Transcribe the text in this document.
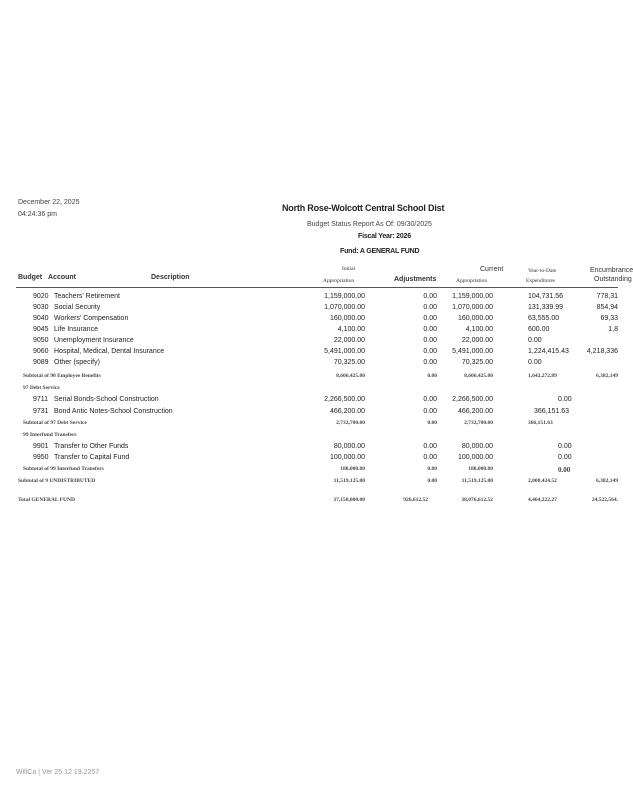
December 22, 2025
04:24:36 pm
North Rose-Wolcott Central School Dist
Budget Status Report As Of: 09/30/2025
Fiscal Year: 2026
Fund: A GENERAL FUND
Budget Account	Description
Initial
Appropriation	Adjustments
Current
Appropriation
Year-to-Date
Expenditures
Encumbrance
Outstanding
9020 Teachers' Retirement	1,159,000.00	0.00 1,159,000.00	104,731.56	778,31
9030 Social Security	1,070,000.00	0.00 1,070,000.00	131,339.99	854,94
9040 Workers' Compensation	160,000.00	0.00	160,000.00	63,555.00	69,33
9045 Life Insurance	4,100.00	0.00	4,100.00	600.00	1,8
9050 Unemployment Insurance	22,000.00	0.00	22,000.00	0.00
9060 Hospital, Medical, Dental Insurance	5,491,000.00	0.00 5,491,000.00	1,224,415.43	4,218,336
9089 Other (specify)	70,325.00	0.00	70,325.00	0.00
Subtotal of 90 Employee Benefits	8,606,425.00	0.00	8,606,425.00	1,642,272.89	6,382,149
97 Debt Service
9711 Serial Bonds-School Construction	2,266,500.00	0.00 2,266,500.00	0.00
9731 Bond Antic Notes-School Construction	466,200.00	0.00	466,200.00	366,151.63
Subtotal of 97 Debt Service	2,732,700.00	0.00	2,732,700.00	366,151.63
99 Interfund Transfers
9901 Transfer to Other Funds	80,000.00	0.00	80,000.00	0.00
9950 Transfer to Capital Fund	100,000.00	0.00	100,000.00	0.00
Subtotal of 99 Interfund Transfers	180,000.00	0.00	180,000.00	0.00
Subtotal of 9 UNDISTRIBUTED	11,519,125.00	0.00	11,519,125.00	2,008,424.52	6,382,149
Total GENERAL FUND	37,150,000.00	926,612.52	38,076,612.52	4,464,222.27	24,522,564.
WillCa | Ver 25 12 19.2257
